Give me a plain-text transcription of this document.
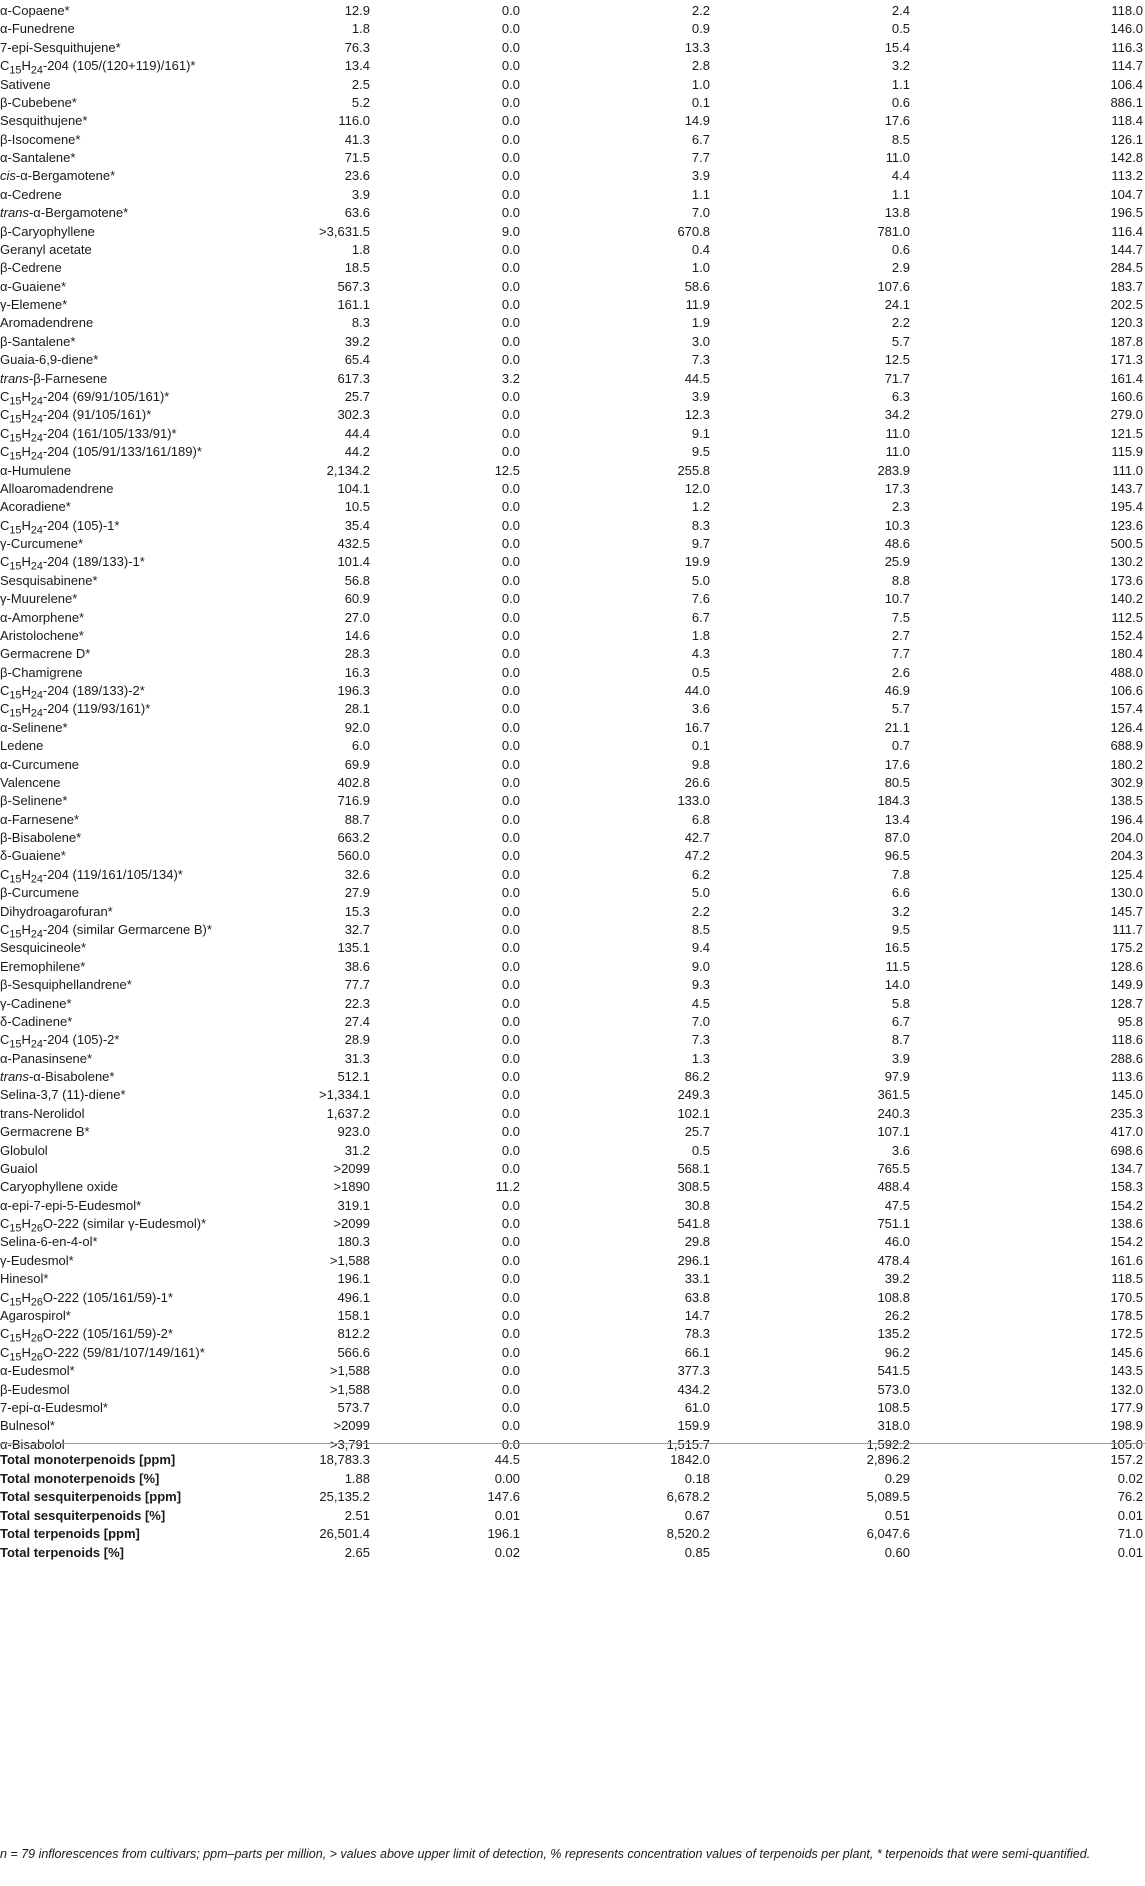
α-Copaene*	12.9	0.0	2.2	2.4	118.0
α-Funedrene	1.8	0.0	0.9	0.5	146.0
7-epi-Sesquithujene*	76.3	0.0	13.3	15.4	116.3
$C_{15}H_{24}-204$ (105/(120+119)/161)*	13.4	0.0	2.8	3.2	114.7
Sativene	2.5	0.0	1.0	1.1	106.4
β-Cubebene*	5.2	0.0	0.1	0.6	886.1
Sesquithujene*	116.0	0.0	14.9	17.6	118.4
β-Isocomene*	41.3	0.0	6.7	8.5	126.1
α-Santalene*	71.5	0.0	7.7	11.0	142.8
cis-α-Bergamotene*	23.6	0.0	3.9	4.4	113.2
α-Cedrene	3.9	0.0	1.1	1.1	104.7
trans-α-Bergamotene*	63.6	0.0	7.0	13.8	196.5
β-Caryophyllene	>3,631.5	9.0	670.8	781.0	116.4
Geranyl acetate	1.8	0.0	0.4	0.6	144.7
β-Cedrene	18.5	0.0	1.0	2.9	284.5
α-Guaiene*	567.3	0.0	58.6	107.6	183.7
γ-Elemene*	161.1	0.0	11.9	24.1	202.5
Aromadendrene	8.3	0.0	1.9	2.2	120.3
β-Santalene*	39.2	0.0	3.0	5.7	187.8
Guaia-6,9-diene*	65.4	0.0	7.3	12.5	171.3
trans-β-Farnesene	617.3	3.2	44.5	71.7	161.4
$C_{15}H_{24}-204$ (69/91/105/161)*	25.7	0.0	3.9	6.3	160.6
$C_{15}H_{24}-204$ (91/105/161)*	302.3	0.0	12.3	34.2	279.0
$C_{15}H_{24}-204$ (161/105/133/91)*	44.4	0.0	9.1	11.0	121.5
$C_{15}H_{24}-204$ (105/91/133/161/189)*	44.2	0.0	9.5	11.0	115.9
α-Humulene	2,134.2	12.5	255.8	283.9	111.0
Alloaromadendrene	104.1	0.0	12.0	17.3	143.7
Acoradiene*	10.5	0.0	1.2	2.3	195.4
$C_{15}H_{24}-204$ (105)-1*	35.4	0.0	8.3	10.3	123.6
γ-Curcumene*	432.5	0.0	9.7	48.6	500.5
$C_{15}H_{24}-204$ (189/133)-1*	101.4	0.0	19.9	25.9	130.2
Sesquisabinene*	56.8	0.0	5.0	8.8	173.6
γ-Muurelene*	60.9	0.0	7.6	10.7	140.2
α-Amorphene*	27.0	0.0	6.7	7.5	112.5
Aristolochene*	14.6	0.0	1.8	2.7	152.4
Germacrene D*	28.3	0.0	4.3	7.7	180.4
β-Chamigrene	16.3	0.0	0.5	2.6	488.0
$C_{15}H_{24}-204$ (189/133)-2*	196.3	0.0	44.0	46.9	106.6
$C_{15}H_{24}-204$ (119/93/161)*	28.1	0.0	3.6	5.7	157.4
α-Selinene*	92.0	0.0	16.7	21.1	126.4
Ledene	6.0	0.0	0.1	0.7	688.9
α-Curcumene	69.9	0.0	9.8	17.6	180.2
Valencene	402.8	0.0	26.6	80.5	302.9
β-Selinene*	716.9	0.0	133.0	184.3	138.5
α-Farnesene*	88.7	0.0	6.8	13.4	196.4
β-Bisabolene*	663.2	0.0	42.7	87.0	204.0
δ-Guaiene*	560.0	0.0	47.2	96.5	204.3
$C_{15}H_{24}-204$ (119/161/105/134)*	32.6	0.0	6.2	7.8	125.4
β-Curcumene	27.9	0.0	5.0	6.6	130.0
Dihydroagarofuran*	15.3	0.0	2.2	3.2	145.7
$C_{15}H_{24}-204$ (similar Germarcene B)*	32.7	0.0	8.5	9.5	111.7
Sesquicineole*	135.1	0.0	9.4	16.5	175.2
Eremophilene*	38.6	0.0	9.0	11.5	128.6
β-Sesquiphellandrene*	77.7	0.0	9.3	14.0	149.9
γ-Cadinene*	22.3	0.0	4.5	5.8	128.7
δ-Cadinene*	27.4	0.0	7.0	6.7	95.8
$C_{15}H_{24}-204$ (105)-2*	28.9	0.0	7.3	8.7	118.6
α-Panasinsene*	31.3	0.0	1.3	3.9	288.6
trans-α-Bisabolene*	512.1	0.0	86.2	97.9	113.6
Selina-3,7 (11)-diene*	>1,334.1	0.0	249.3	361.5	145.0
trans-Nerolidol	1,637.2	0.0	102.1	240.3	235.3
Germacrene B*	923.0	0.0	25.7	107.1	417.0
Globulol	31.2	0.0	0.5	3.6	698.6
Guaiol	>2099	0.0	568.1	765.5	134.7
Caryophyllene oxide	>1890	11.2	308.5	488.4	158.3
α-epi-7-epi-5-Eudesmol*	319.1	0.0	30.8	47.5	154.2
$C_{15}H_{26}O-222$ (similar γ-Eudesmol)*	>2099	0.0	541.8	751.1	138.6
Selina-6-en-4-ol*	180.3	0.0	29.8	46.0	154.2
γ-Eudesmol*	>1,588	0.0	296.1	478.4	161.6
Hinesol*	196.1	0.0	33.1	39.2	118.5
$C_{15}H_{26}O-222$ (105/161/59)-1*	496.1	0.0	63.8	108.8	170.5
Agarospirol*	158.1	0.0	14.7	26.2	178.5
$C_{15}H_{26}O-222$ (105/161/59)-2*	812.2	0.0	78.3	135.2	172.5
$C_{15}H_{26}O-222$ (59/81/107/149/161)*	566.6	0.0	66.1	96.2	145.6
α-Eudesmol*	>1,588	0.0	377.3	541.5	143.5
β-Eudesmol	>1,588	0.0	434.2	573.0	132.0
7-epi-α-Eudesmol*	573.7	0.0	61.0	108.5	177.9
Bulnesol*	>2099	0.0	159.9	318.0	198.9
α-Bisabolol	>3,791	0.0	1,515.7	1,592.2	105.0
Total monoterpenoids [ppm]	18,783.3	44.5	1842.0	2,896.2	157.2
Total monoterpenoids [%]	1.88	0.00	0.18	0.29	0.02
Total sesquiterpenoids [ppm]	25,135.2	147.6	6,678.2	5,089.5	76.2
Total sesquiterpenoids [%]	2.51	0.01	0.67	0.51	0.01
Total terpenoids [ppm]	26,501.4	196.1	8,520.2	6,047.6	71.0
Total terpenoids [%]	2.65	0.02	0.85	0.60	0.01
n = 79 inflorescences from cultivars; ppm–parts per million, > values above upper limit of detection, % represents concentration values of terpenoids per plant, * terpenoids that were semi-quantified.
